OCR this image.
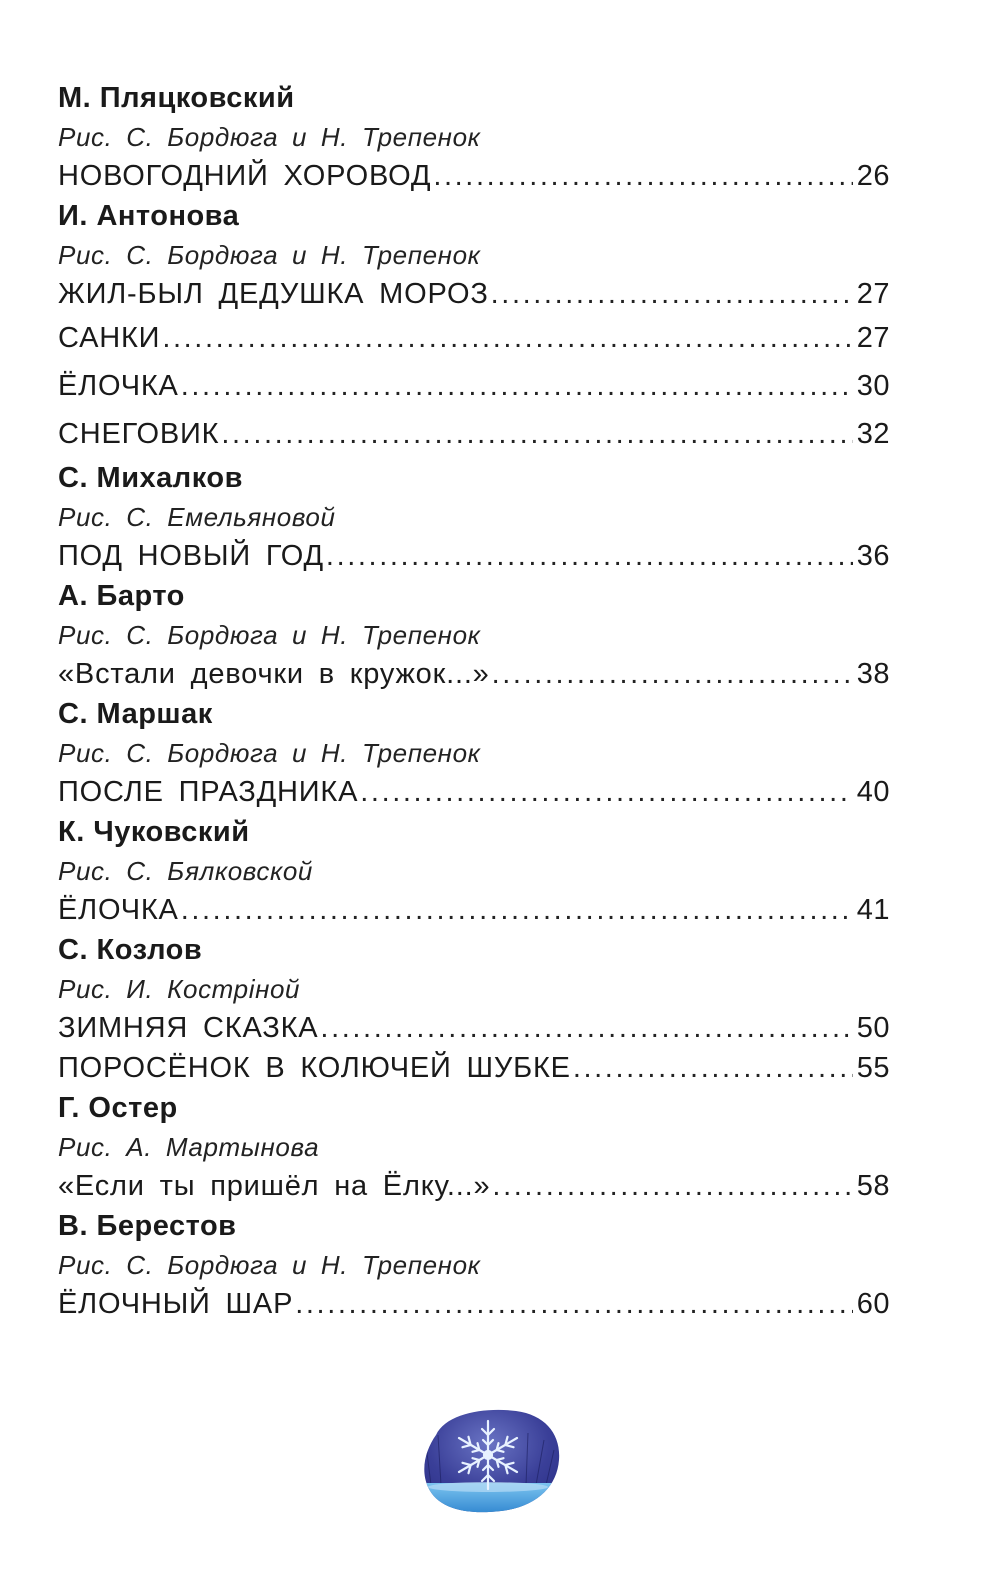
М. Пляцковский
Рис. С. Бордюга и Н. Трепенок
НОВОГОДНИЙ ХОРОВОД .....	26
И. Антонова
Рис. С. Бордюга и Н. Трепенок
ЖИЛ-БЫЛ ДЕДУШКА МОРОЗ .....	27
САНКИ .....	27
ЁЛОЧКА .....	30
СНЕГОВИК .....	32
С. Михалков
Рис. С. Емельяновой
ПОД НОВЫЙ ГОД .....	36
А. Барто
Рис. С. Бордюга и Н. Трепенок
«Встали девочки в кружок...» .....	38
С. Маршак
Рис. С. Бордюга и Н. Трепенок
ПОСЛЕ ПРАЗДНИКА .....	40
К. Чуковский
Рис. С. Бялковской
ЁЛОЧКА .....	41
С. Козлов
Рис. И. Кострiной
ЗИМНЯЯ СКАЗКА .....	50
ПОРОСЁНОК В КОЛЮЧЕЙ ШУБКЕ .....	55
Г. Остер
Рис. А. Мартынова
«Если ты пришёл на Ёлку...» .....	58
В. Берестов
Рис. С. Бордюга и Н. Трепенок
ЁЛОЧНЫЙ ШАР .....	60
